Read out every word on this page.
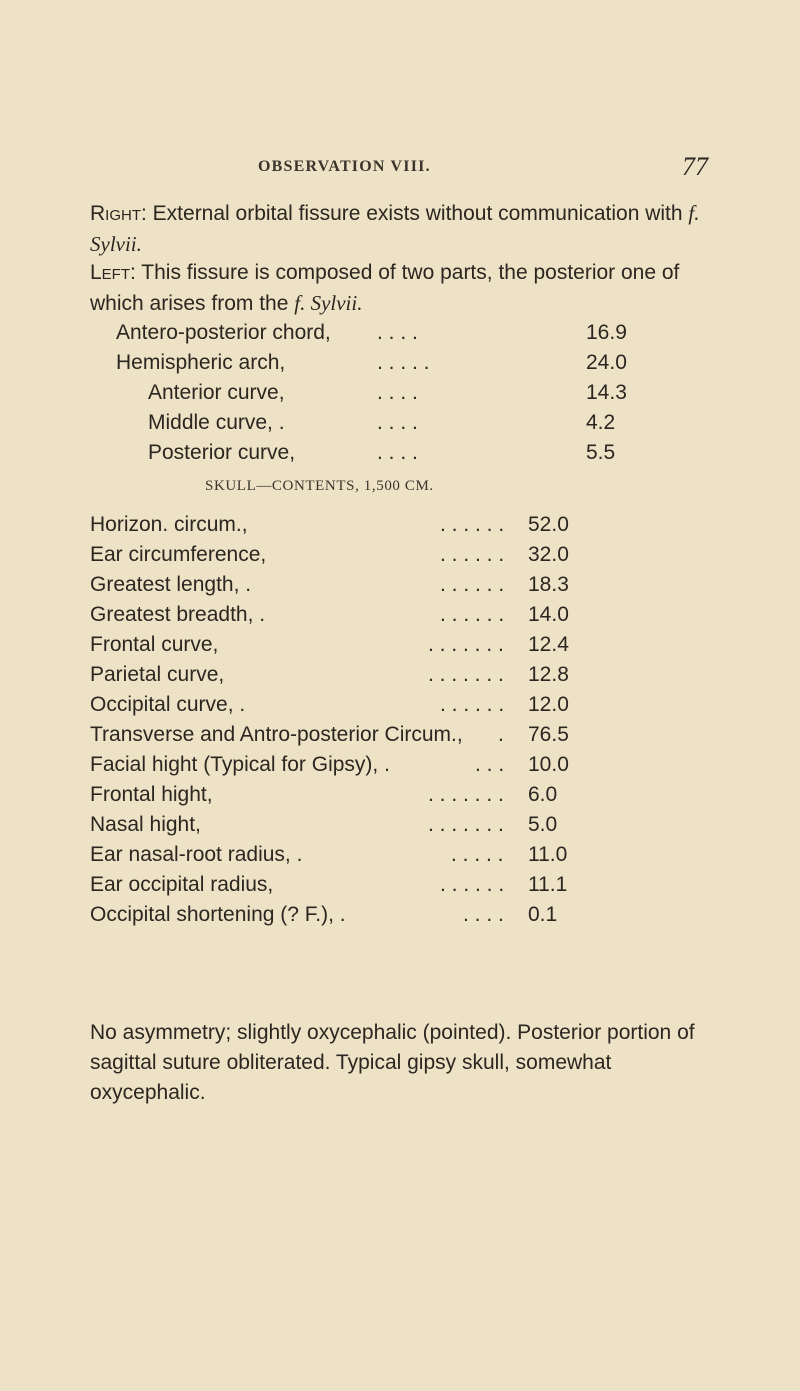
OBSERVATION VIII.	77
Right: External orbital fissure exists without communication with f. Sylvii.
Left: This fissure is composed of two parts, the posterior one of which arises from the f. Sylvii.
Antero-posterior chord, . . . .	16.9
Hemispheric arch,	. . . . .	24.0
Anterior curve,	. . . .	14.3
Middle curve, .	. . . .	4.2
Posterior curve,	. . . .	5.5
SKULL—CONTENTS, 1,500 CM.
Horizon. circum.,	. . . . . . 52.0
Ear circumference,	. . . . . . 32.0
Greatest length, .	. . . . . . 18.3
Greatest breadth, .	. . . . . . 14.0
Frontal curve,	. . . . . . . 12.4
Parietal curve,	. . . . . . . 12.8
Occipital curve, .	. . . . . . 12.0
Transverse and Antro-posterior Circum., . 76.5
Facial hight (Typical for Gipsy), .	. . . 10.0
Frontal hight,	. . . . . . . 6.0
Nasal hight,	. . . . . . . 5.0
Ear nasal-root radius, .	. . . . . 11.0
Ear occipital radius,	. . . . . . 11.1
Occipital shortening (? F.), .	. . . . 0.1
No asymmetry; slightly oxycephalic (pointed). Posterior portion of sagittal suture obliterated. Typical gipsy skull, somewhat oxycephalic.
